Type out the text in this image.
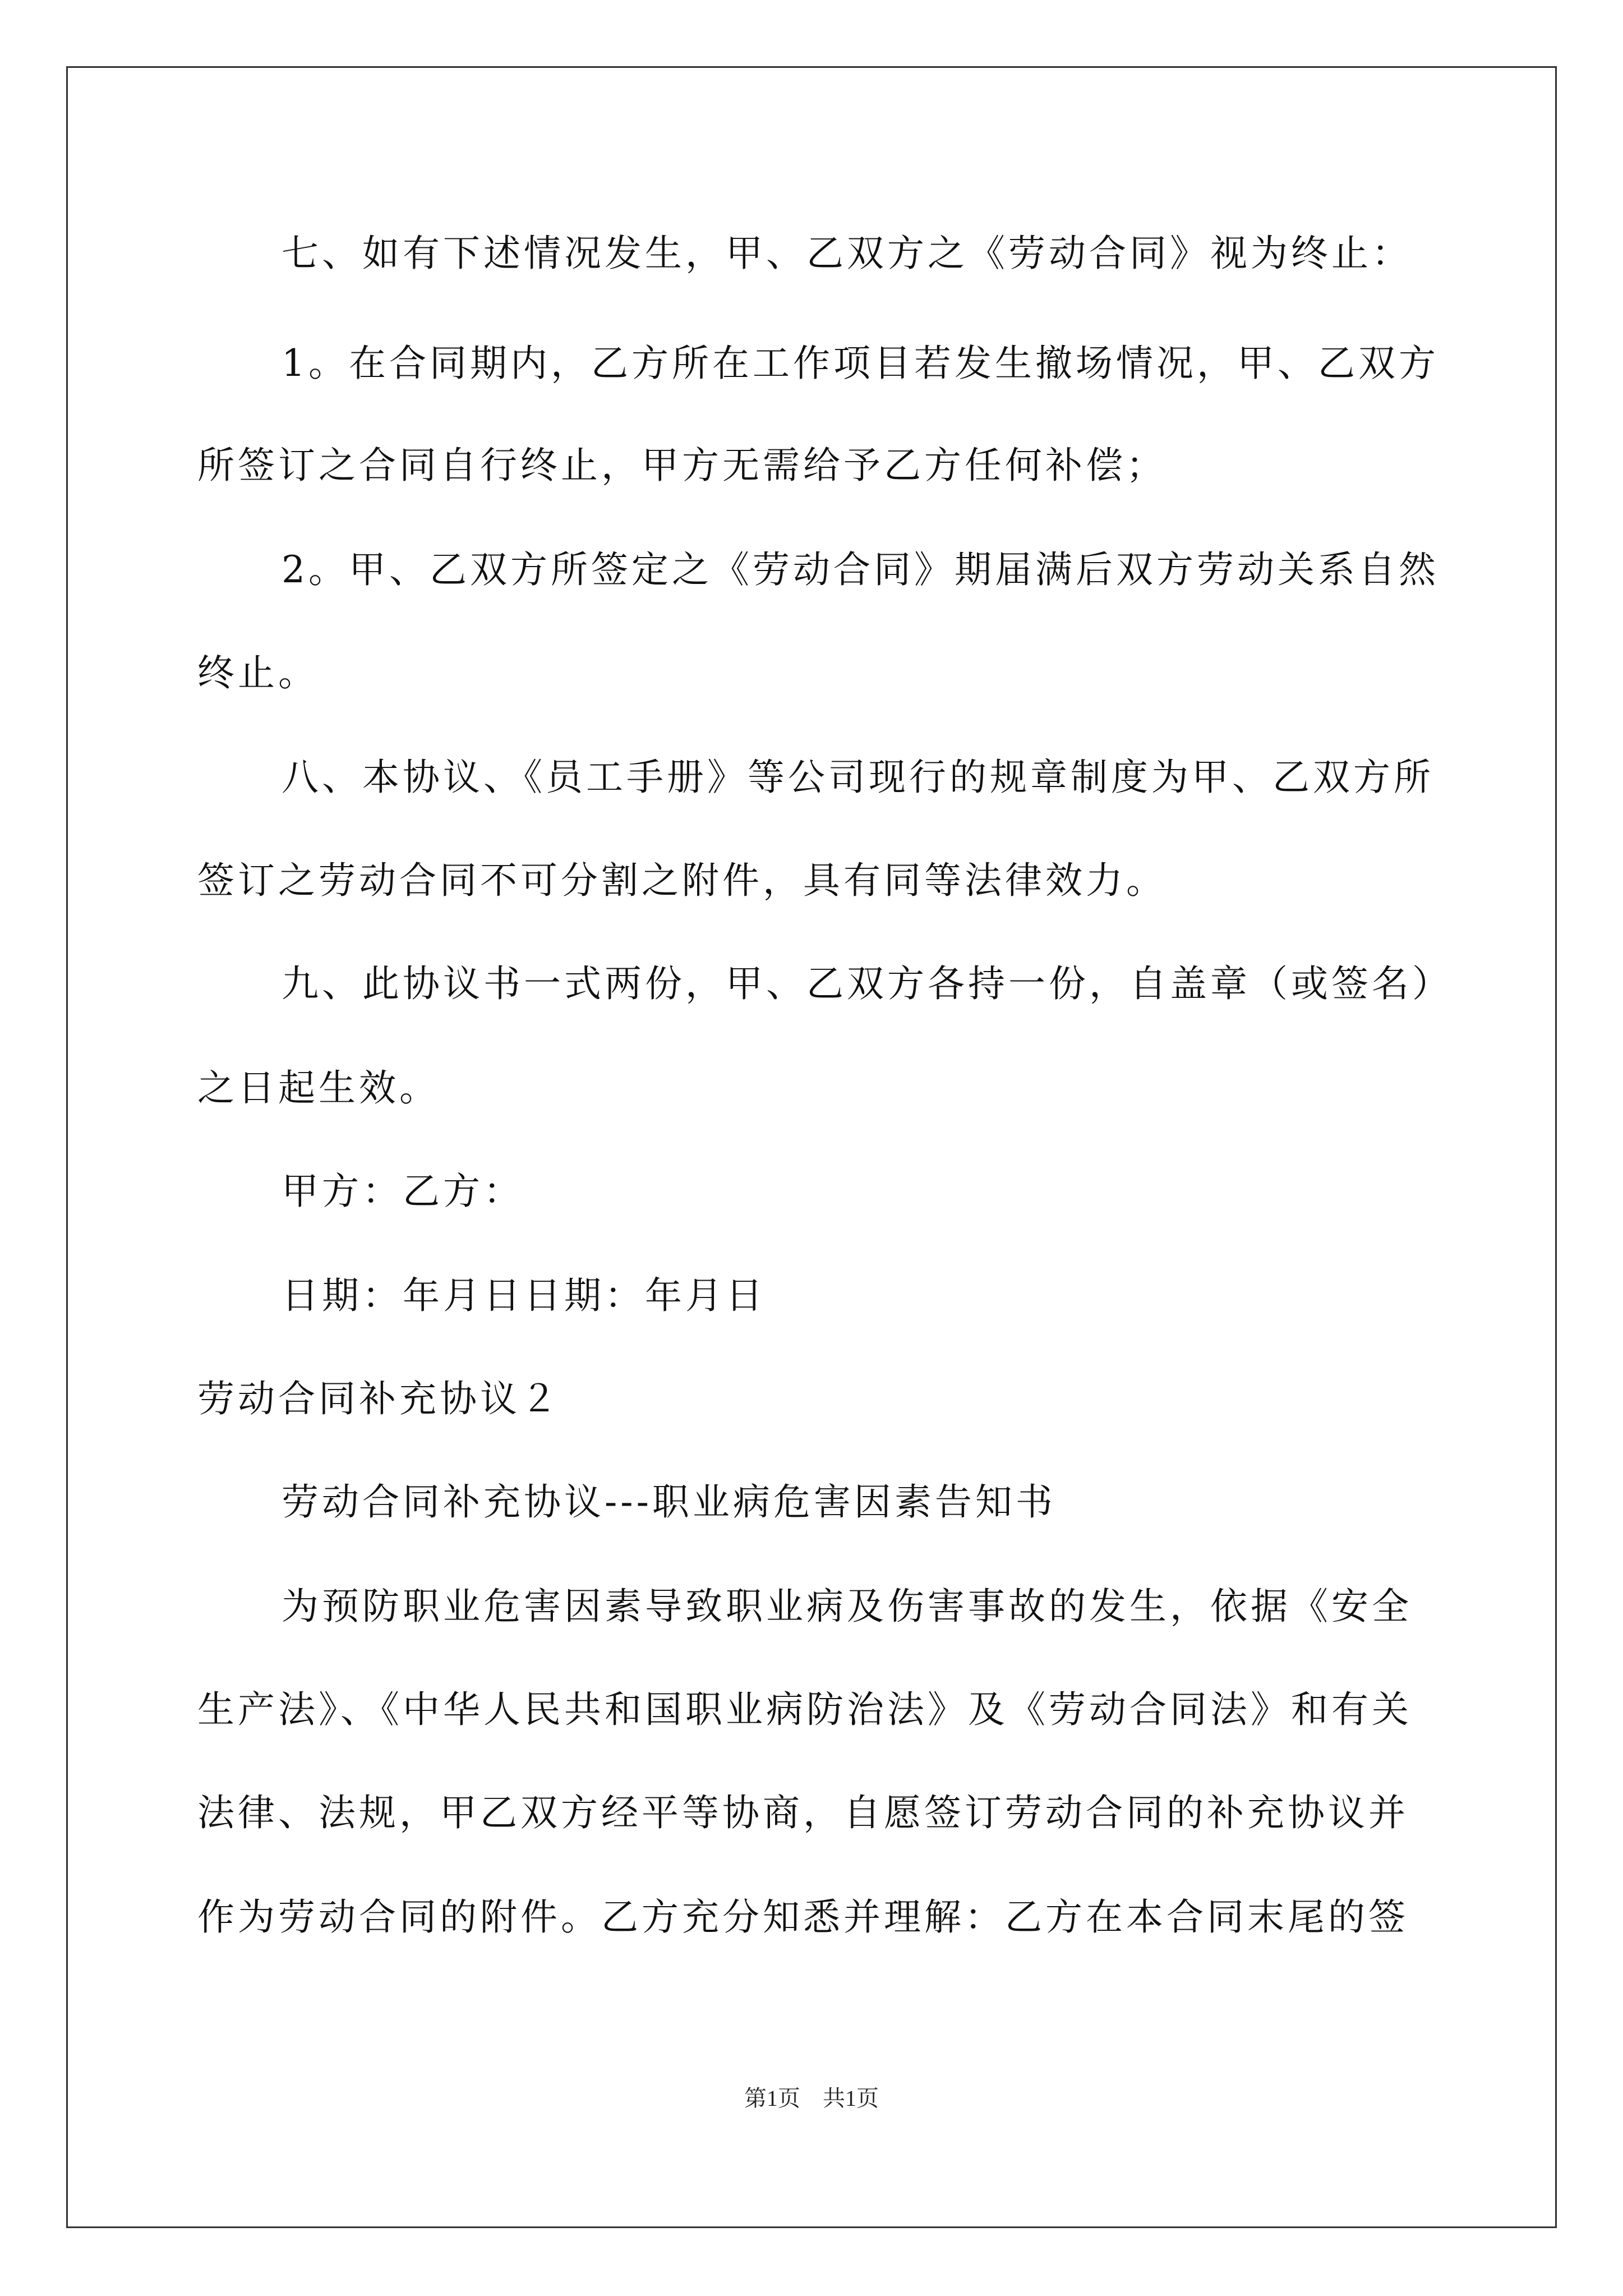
七、如有下述情况发生，甲、乙双方之《劳动合同》视为终止：

1。在合同期内，乙方所在工作项目若发生撤场情况，甲、乙双方

所签订之合同自行终止，甲方无需给予乙方任何补偿；

2。甲、乙双方所签定之《劳动合同》期届满后双方劳动关系自然

终止。

八、本协议、《员工手册》等公司现行的规章制度为甲、乙双方所

签订之劳动合同不可分割之附件，具有同等法律效力。

九、此协议书一式两份，甲、乙双方各持一份，自盖章（或签名）

之日起生效。

甲方：乙方：

日期：年月日日期：年月日

劳动合同补充协议２

劳动合同补充协议---职业病危害因素告知书

为预防职业危害因素导致职业病及伤害事故的发生，依据《安全

生产法》、《中华人民共和国职业病防治法》及《劳动合同法》和有关

法律、法规，甲乙双方经平等协商，自愿签订劳动合同的补充协议并

作为劳动合同的附件。乙方充分知悉并理解：乙方在本合同末尾的签

第1页　共1页
